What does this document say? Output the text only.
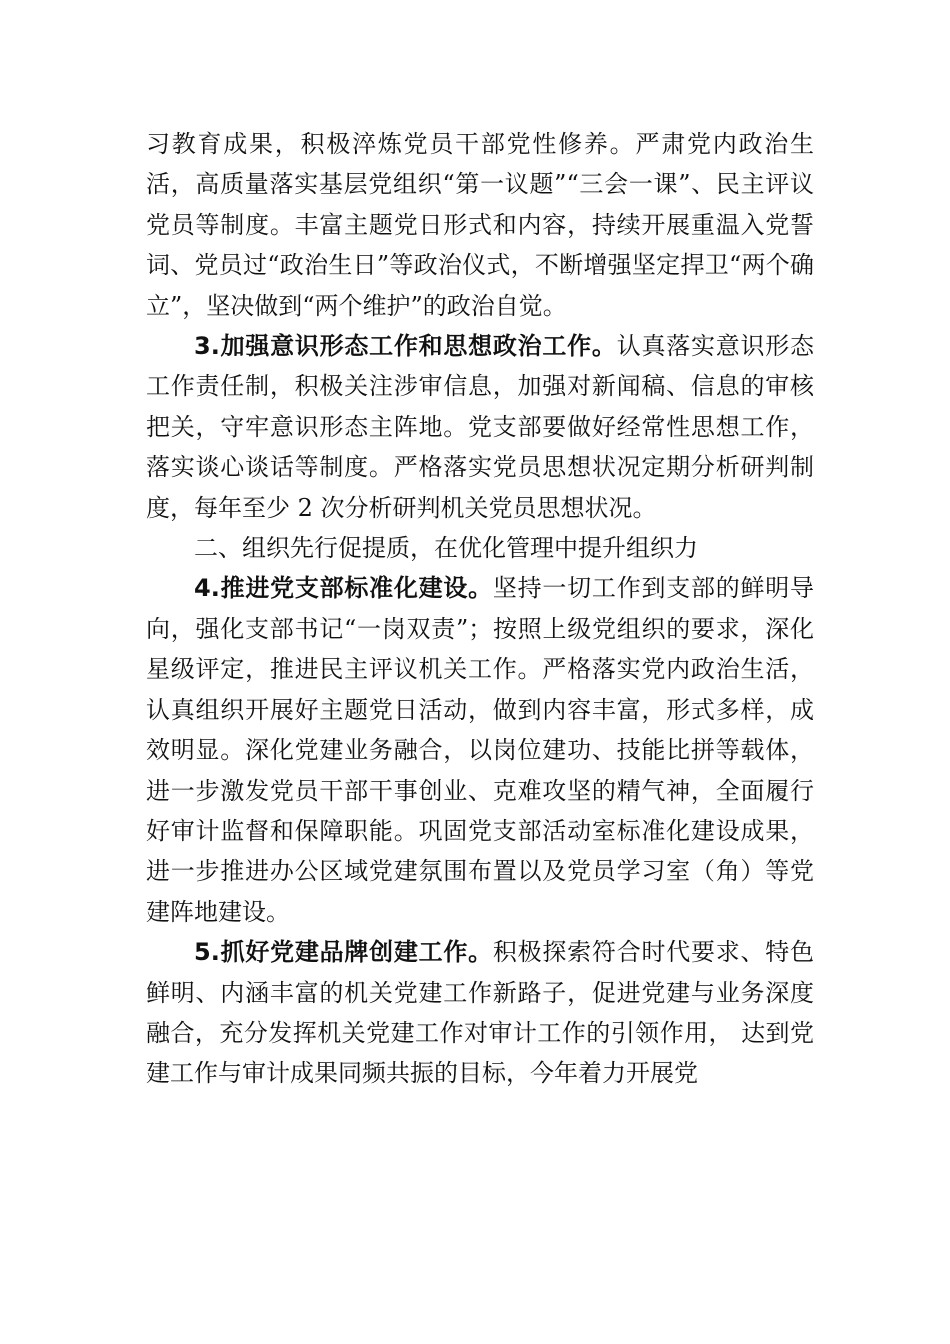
习教育成果，积极淬炼党员干部党性修养。严肃党内政治生活，高质量落实基层党组织“第一议题”“三会一课”、民主评议党员等制度。丰富主题党日形式和内容，持续开展重温入党誓词、党员过“政治生日”等政治仪式，不断增强坚定捍卫“两个确立”，坚决做到“两个维护”的政治自觉。

3.加强意识形态工作和思想政治工作。认真落实意识形态工作责任制，积极关注涉审信息，加强对新闻稿、信息的审核把关，守牢意识形态主阵地。党支部要做好经常性思想工作，落实谈心谈话等制度。严格落实党员思想状况定期分析研判制度，每年至少 2 次分析研判机关党员思想状况。

二、组织先行促提质，在优化管理中提升组织力

4.推进党支部标准化建设。坚持一切工作到支部的鲜明导向，强化支部书记“一岗双责”；按照上级党组织的要求，深化星级评定，推进民主评议机关工作。严格落实党内政治生活，认真组织开展好主题党日活动，做到内容丰富，形式多样，成效明显。深化党建业务融合，以岗位建功、技能比拼等载体，进一步激发党员干部干事创业、克难攻坚的精气神，全面履行好审计监督和保障职能。巩固党支部活动室标准化建设成果，进一步推进办公区域党建氛围布置以及党员学习室（角）等党建阵地建设。

5.抓好党建品牌创建工作。积极探索符合时代要求、特色鲜明、内涵丰富的机关党建工作新路子，促进党建与业务深度融合，充分发挥机关党建工作对审计工作的引领作用， 达到党建工作与审计成果同频共振的目标，今年着力开展党
